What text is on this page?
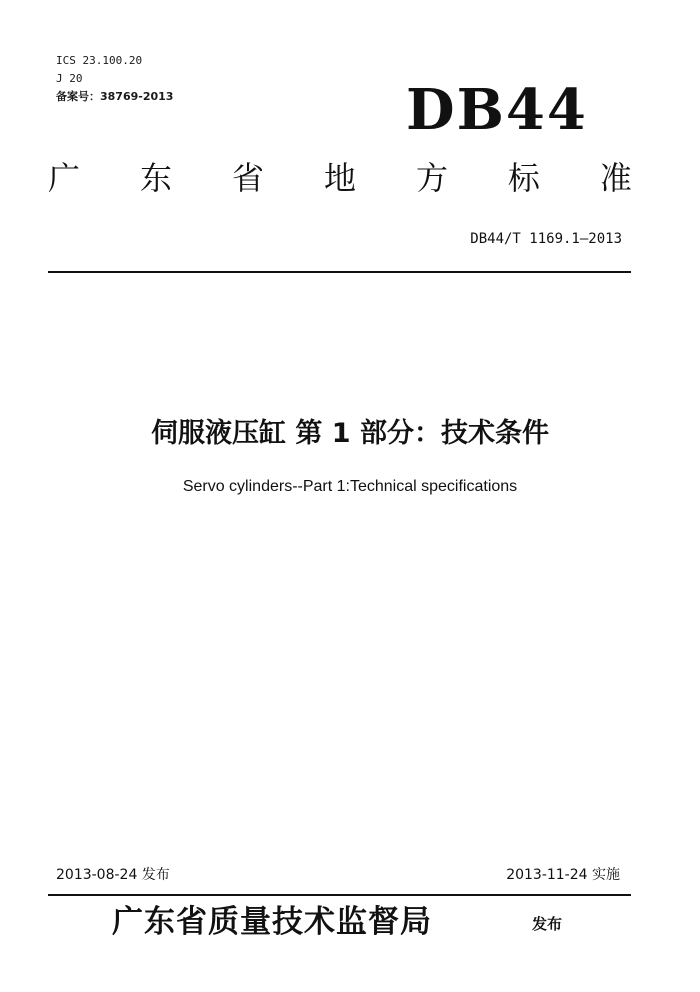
ICS 23.100.20
J 20
备案号：38769-2013	DB44
广 东 省 地 方 标 准
DB44/T 1169.1—2013
伺服液压缸 第 1 部分：技术条件
Servo cylinders--Part 1:Technical specifications
2013-08-24 发布	2013-11-24 实施
广东省质量技术监督局	发布
